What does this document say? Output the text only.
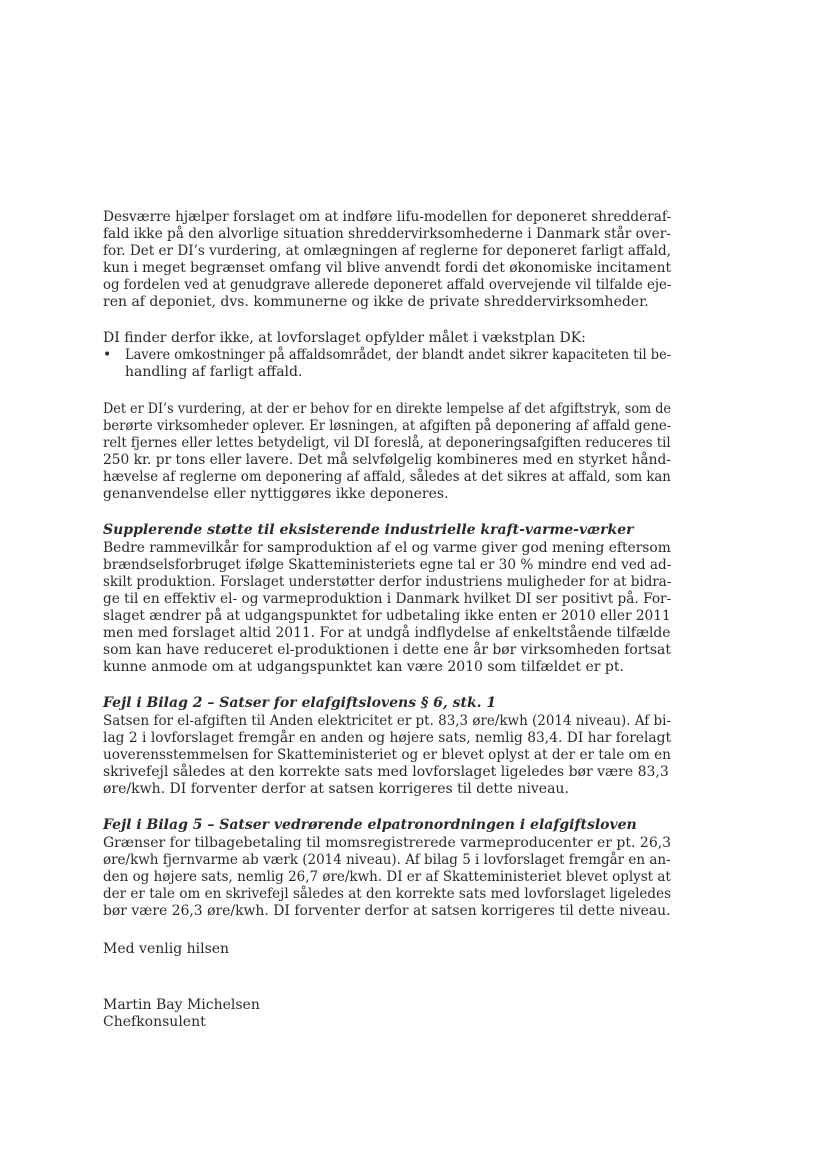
Desværre hjælper forslaget om at indføre lifu-modellen for deponeret shredderaf-
fald ikke på den alvorlige situation shreddervirksomhederne i Danmark står over-
for. Det er DI’s vurdering, at omlægningen af reglerne for deponeret farligt affald,
kun i meget begrænset omfang vil blive anvendt fordi det økonomiske incitament
og fordelen ved at genudgrave allerede deponeret affald overvejende vil tilfalde eje-
ren af deponiet, dvs. kommunerne og ikke de private shreddervirksomheder.
DI finder derfor ikke, at lovforslaget opfylder målet i vækstplan DK:
• Lavere omkostninger på affaldsområdet, der blandt andet sikrer kapaciteten til be-
handling af farligt affald.
Det er DI’s vurdering, at der er behov for en direkte lempelse af det afgiftstryk, som de
berørte virksomheder oplever. Er løsningen, at afgiften på deponering af affald gene-
relt fjernes eller lettes betydeligt, vil DI foreslå, at deponeringsafgiften reduceres til
250 kr. pr tons eller lavere. Det må selvfølgelig kombineres med en styrket hånd-
hævelse af reglerne om deponering af affald, således at det sikres at affald, som kan
genanvendelse eller nyttiggøres ikke deponeres.
Supplerende støtte til eksisterende industrielle kraft-varme-værker
Bedre rammevilkår for samproduktion af el og varme giver god mening eftersom
brændselsforbruget ifølge Skatteministeriets egne tal er 30 % mindre end ved ad-
skilt produktion. Forslaget understøtter derfor industriens muligheder for at bidra-
ge til en effektiv el- og varmeproduktion i Danmark hvilket DI ser positivt på. For-
slaget ændrer på at udgangspunktet for udbetaling ikke enten er 2010 eller 2011
men med forslaget altid 2011. For at undgå indflydelse af enkeltstående tilfælde
som kan have reduceret el-produktionen i dette ene år bør virksomheden fortsat
kunne anmode om at udgangspunktet kan være 2010 som tilfældet er pt.
Fejl i Bilag 2 – Satser for elafgiftslovens § 6, stk. 1
Satsen for el-afgiften til Anden elektricitet er pt. 83,3 øre/kwh (2014 niveau). Af bi-
lag 2 i lovforslaget fremgår en anden og højere sats, nemlig 83,4. DI har forelagt
uoverensstemmelsen for Skatteministeriet og er blevet oplyst at der er tale om en
skrivefejl således at den korrekte sats med lovforslaget ligeledes bør være 83,3
øre/kwh. DI forventer derfor at satsen korrigeres til dette niveau.
Fejl i Bilag 5 – Satser vedrørende elpatronordningen i elafgiftsloven
Grænser for tilbagebetaling til momsregistrerede varmeproducenter er pt. 26,3
øre/kwh fjernvarme ab værk (2014 niveau). Af bilag 5 i lovforslaget fremgår en an-
den og højere sats, nemlig 26,7 øre/kwh. DI er af Skatteministeriet blevet oplyst at
der er tale om en skrivefejl således at den korrekte sats med lovforslaget ligeledes
bør være 26,3 øre/kwh. DI forventer derfor at satsen korrigeres til dette niveau.
Med venlig hilsen
Martin Bay Michelsen
Chefkonsulent
